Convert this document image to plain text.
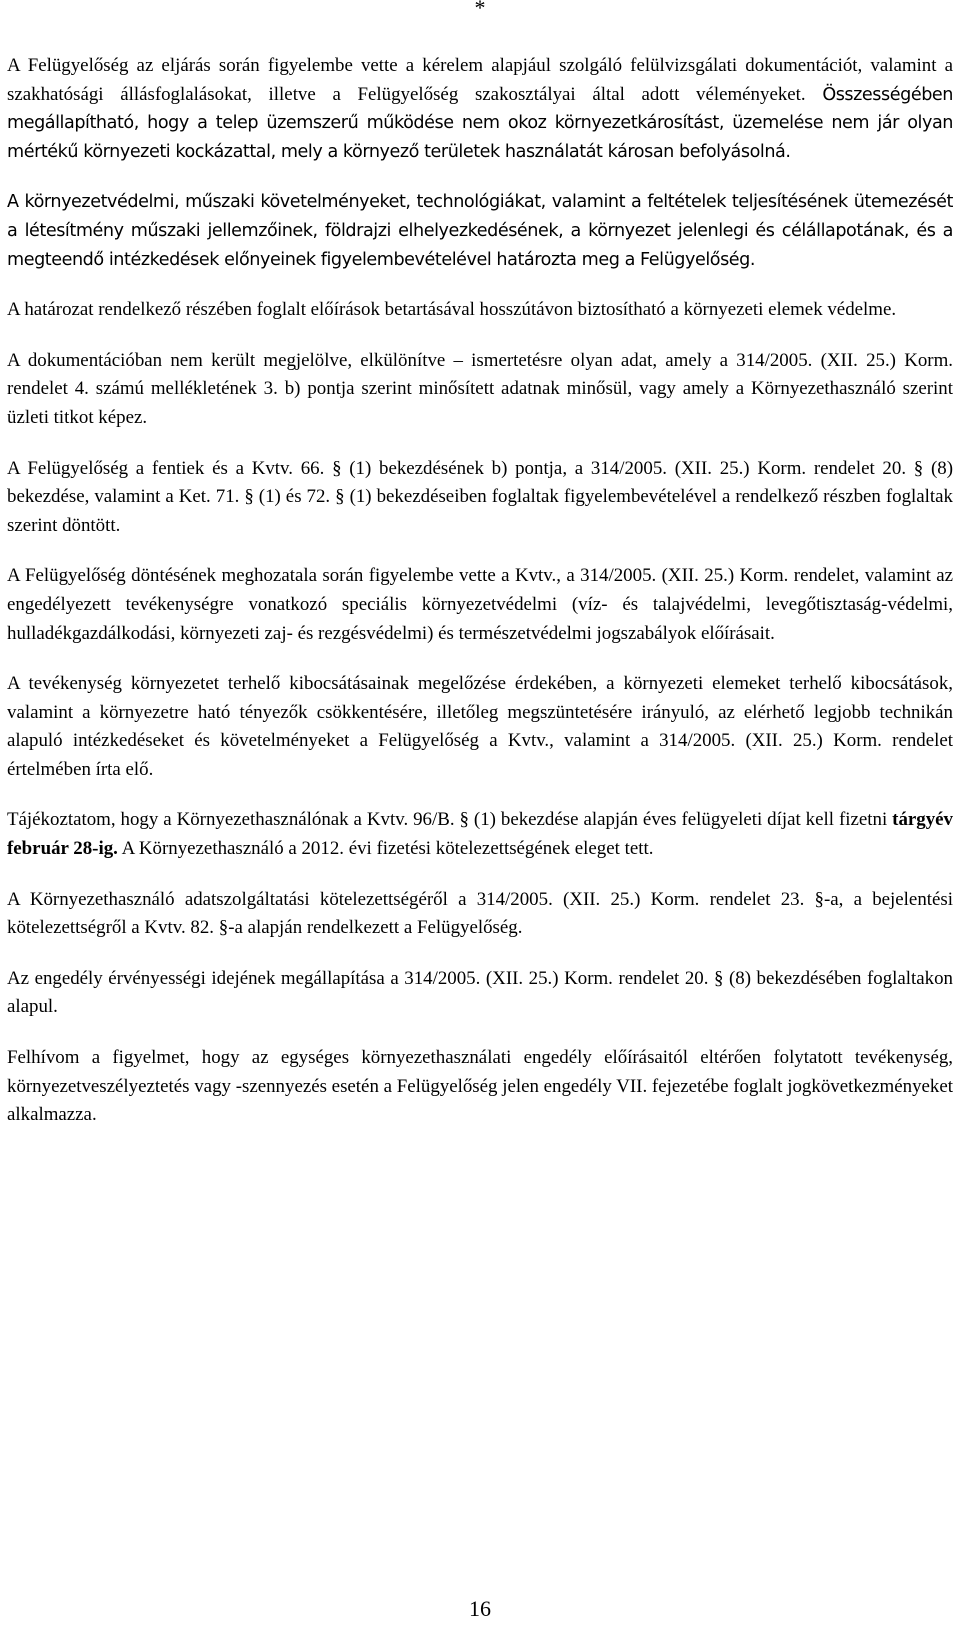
*

A Felügyelőség az eljárás során figyelembe vette a kérelem alapjául szolgáló felülvizsgálati dokumentációt, valamint a szakhatósági állásfoglalásokat, illetve a Felügyelőség szakosztályai által adott véleményeket. Összességében megállapítható, hogy a telep üzemszerű működése nem okoz környezetkárosítást, üzemelése nem jár olyan mértékű környezeti kockázattal, mely a környező területek használatát károsan befolyásolná.

A környezetvédelmi, műszaki követelményeket, technológiákat, valamint a feltételek teljesítésének ütemezését a létesítmény műszaki jellemzőinek, földrajzi elhelyezkedésének, a környezet jelenlegi és célállapotának, és a megteendő intézkedések előnyeinek figyelembevételével határozta meg a Felügyelőség.

A határozat rendelkező részében foglalt előírások betartásával hosszútávon biztosítható a környezeti elemek védelme.

A dokumentációban nem került megjelölve, elkülönítve – ismertetésre olyan adat, amely a 314/2005. (XII. 25.) Korm. rendelet 4. számú mellékletének 3. b) pontja szerint minősített adatnak minősül, vagy amely a Környezethasználó szerint üzleti titkot képez.

A Felügyelőség a fentiek és a Kvtv. 66. § (1) bekezdésének b) pontja, a 314/2005. (XII. 25.) Korm. rendelet 20. § (8) bekezdése, valamint a Ket. 71. § (1) és 72. § (1) bekezdéseiben foglaltak figyelembevételével a rendelkező részben foglaltak szerint döntött.

A Felügyelőség döntésének meghozatala során figyelembe vette a Kvtv., a 314/2005. (XII. 25.) Korm. rendelet, valamint az engedélyezett tevékenységre vonatkozó speciális környezetvédelmi (víz- és talajvédelmi, levegőtisztaság-védelmi, hulladékgazdálkodási, környezeti zaj- és rezgésvédelmi) és természetvédelmi jogszabályok előírásait.

A tevékenység környezetet terhelő kibocsátásainak megelőzése érdekében, a környezeti elemeket terhelő kibocsátások, valamint a környezetre ható tényezők csökkentésére, illetőleg megszüntetésére irányuló, az elérhető legjobb technikán alapuló intézkedéseket és követelményeket a Felügyelőség a Kvtv., valamint a 314/2005. (XII. 25.) Korm. rendelet értelmében írta elő.

Tájékoztatom, hogy a Környezethasználónak a Kvtv. 96/B. § (1) bekezdése alapján éves felügyeleti díjat kell fizetni tárgyév február 28-ig. A Környezethasználó a 2012. évi fizetési kötelezettségének eleget tett.

A Környezethasználó adatszolgáltatási kötelezettségéről a 314/2005. (XII. 25.) Korm. rendelet 23. §-a, a bejelentési kötelezettségről a Kvtv. 82. §-a alapján rendelkezett a Felügyelőség.

Az engedély érvényességi idejének megállapítása a 314/2005. (XII. 25.) Korm. rendelet 20. § (8) bekezdésében foglaltakon alapul.

Felhívom a figyelmet, hogy az egységes környezethasználati engedély előírásaitól eltérően folytatott tevékenység, környezetveszélyeztetés vagy -szennyezés esetén a Felügyelőség jelen engedély VII. fejezetébe foglalt jogkövetkezményeket alkalmazza.

16
